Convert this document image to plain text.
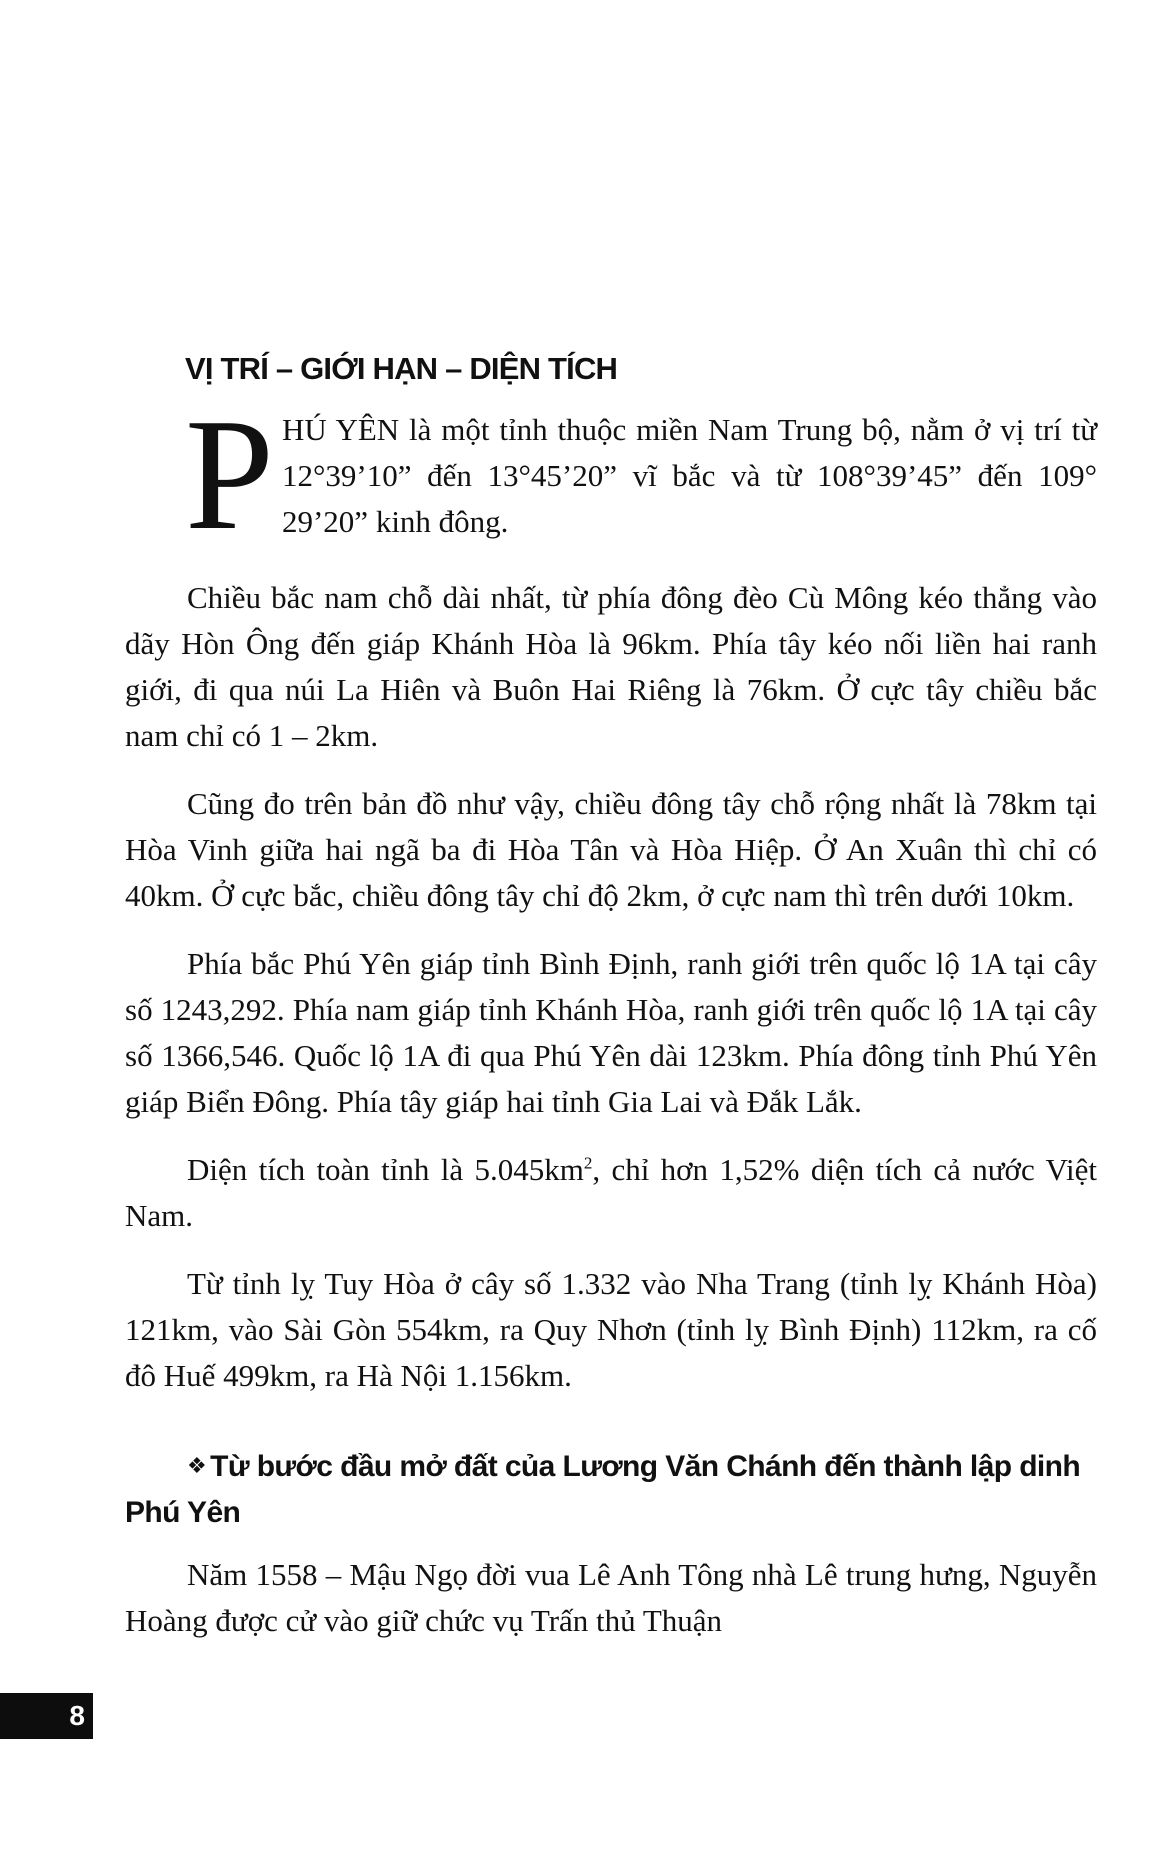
VỊ TRÍ – GIỚI HẠN – DIỆN TÍCH

PHÚ YÊN là một tỉnh thuộc miền Nam Trung bộ, nằm ở vị trí từ 12°39’10” đến 13°45’20” vĩ bắc và từ 108°39’45” đến 109° 29’20” kinh đông.

Chiều bắc nam chỗ dài nhất, từ phía đông đèo Cù Mông kéo thẳng vào dãy Hòn Ông đến giáp Khánh Hòa là 96km. Phía tây kéo nối liền hai ranh giới, đi qua núi La Hiên và Buôn Hai Riêng là 76km. Ở cực tây chiều bắc nam chỉ có 1 – 2km.

Cũng đo trên bản đồ như vậy, chiều đông tây chỗ rộng nhất là 78km tại Hòa Vinh giữa hai ngã ba đi Hòa Tân và Hòa Hiệp. Ở An Xuân thì chỉ có 40km. Ở cực bắc, chiều đông tây chỉ độ 2km, ở cực nam thì trên dưới 10km.

Phía bắc Phú Yên giáp tỉnh Bình Định, ranh giới trên quốc lộ 1A tại cây số 1243,292. Phía nam giáp tỉnh Khánh Hòa, ranh giới trên quốc lộ 1A tại cây số 1366,546. Quốc lộ 1A đi qua Phú Yên dài 123km. Phía đông tỉnh Phú Yên giáp Biển Đông. Phía tây giáp hai tỉnh Gia Lai và Đắk Lắk.

Diện tích toàn tỉnh là $5.045km^2$, chỉ hơn 1,52% diện tích cả nước Việt Nam.

Từ tỉnh lỵ Tuy Hòa ở cây số 1.332 vào Nha Trang (tỉnh lỵ Khánh Hòa) 121km, vào Sài Gòn 554km, ra Quy Nhơn (tỉnh lỵ Bình Định) 112km, ra cố đô Huế 499km, ra Hà Nội 1.156km.

❖ Từ bước đầu mở đất của Lương Văn Chánh đến thành lập dinh Phú Yên

Năm 1558 – Mậu Ngọ đời vua Lê Anh Tông nhà Lê trung hưng, Nguyễn Hoàng được cử vào giữ chức vụ Trấn thủ Thuận

8
